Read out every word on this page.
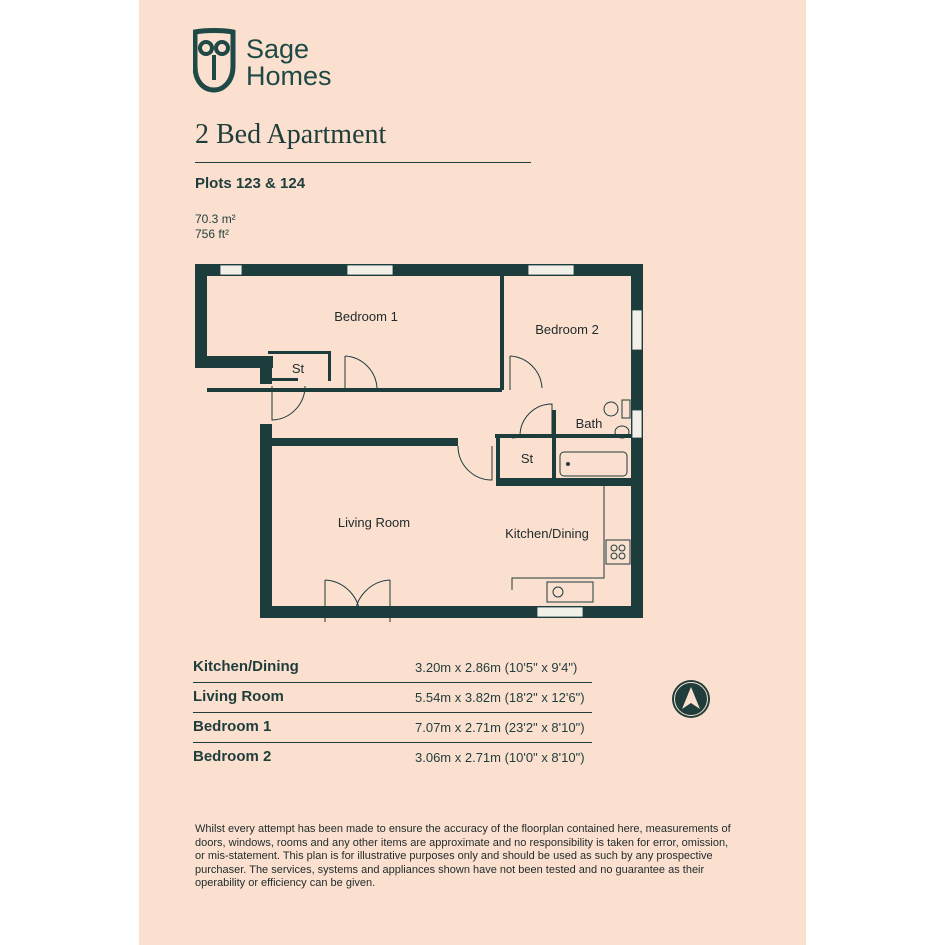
Sage
Homes
2 Bed Apartment
Plots 123 & 124
70.3 m²
756 ft²
Bedroom 1
Bedroom 2
St
Bath
St
Living Room
Kitchen/Dining
Kitchen/Dining	3.20m x 2.86m (10'5" x 9'4")
Living Room	5.54m x 3.82m (18'2" x 12'6")
Bedroom 1	7.07m x 2.71m (23'2" x 8'10")
Bedroom 2	3.06m x 2.71m (10'0" x 8'10")
Whilst every attempt has been made to ensure the accuracy of the floorplan contained here, measurements of doors, windows, rooms and any other items are approximate and no responsibility is taken for error, omission, or mis-statement. This plan is for illustrative purposes only and should be used as such by any prospective purchaser. The services, systems and appliances shown have not been tested and no guarantee as their operability or efficiency can be given.
